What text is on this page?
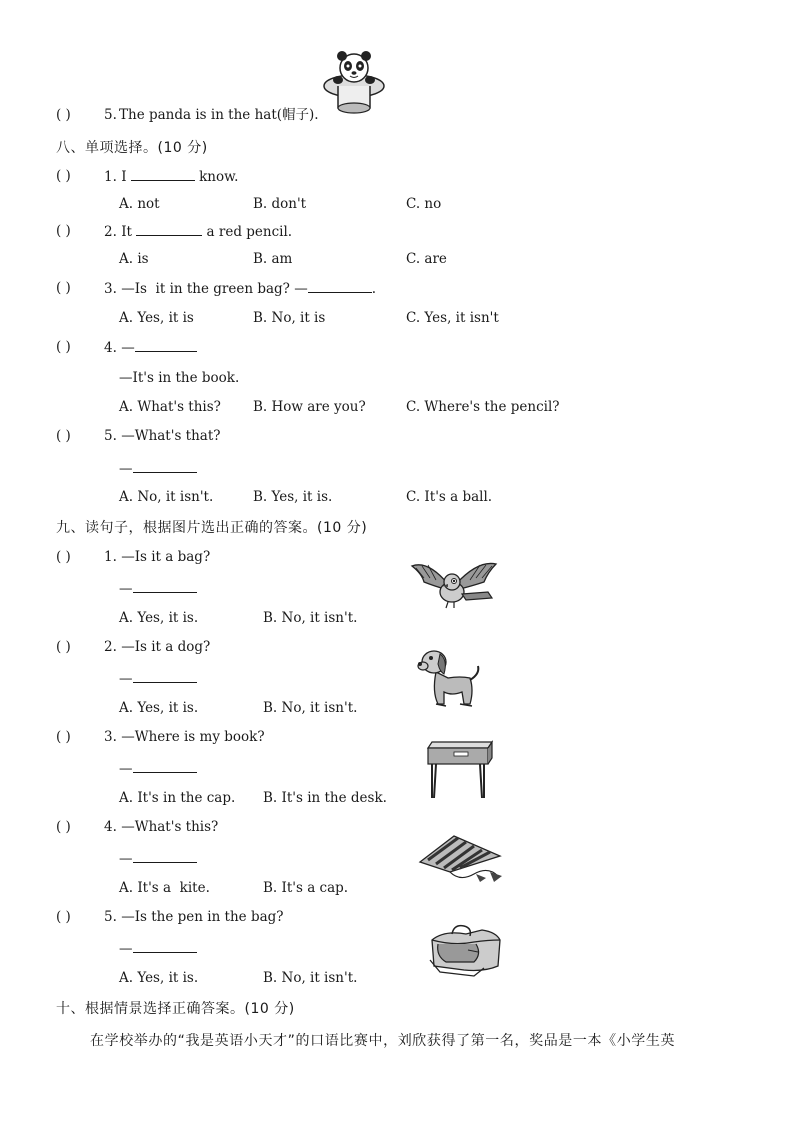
( ) 5. The panda is in the hat(帽子).
八、单项选择。(10 分)
( ) 1. I	know.
A. not	B. don't	C. no
( ) 2. It	a red pencil.
A. is	B. am	C. are
( ) 3. —Is  it in the green bag? —	.
A. Yes, it is	B. No, it is	C. Yes, it isn't
( ) 4. —
—It's in the book.
A. What's this? B. How are you?	C. Where's the pencil?
( ) 5. —What's that?
—
A. No, it isn't.	B. Yes, it is.	C. It's a ball.
九、读句子，根据图片选出正确的答案。(10 分)
( ) 1. —Is it a bag?
—
A. Yes, it is.	B. No, it isn't.
( ) 2. —Is it a dog?
—
A. Yes, it is.	B. No, it isn't.
( ) 3. —Where is my book?
—
A. It's in the cap. B. It's in the desk.
( ) 4. —What's this?
—
A. It's a  kite.	B. It's a cap.
( ) 5. —Is the pen in the bag?
—
A. Yes, it is.	B. No, it isn't.
十、根据情景选择正确答案。(10 分)
在学校举办的“我是英语小天才”的口语比赛中，刘欣获得了第一名，奖品是一本《小学生英
